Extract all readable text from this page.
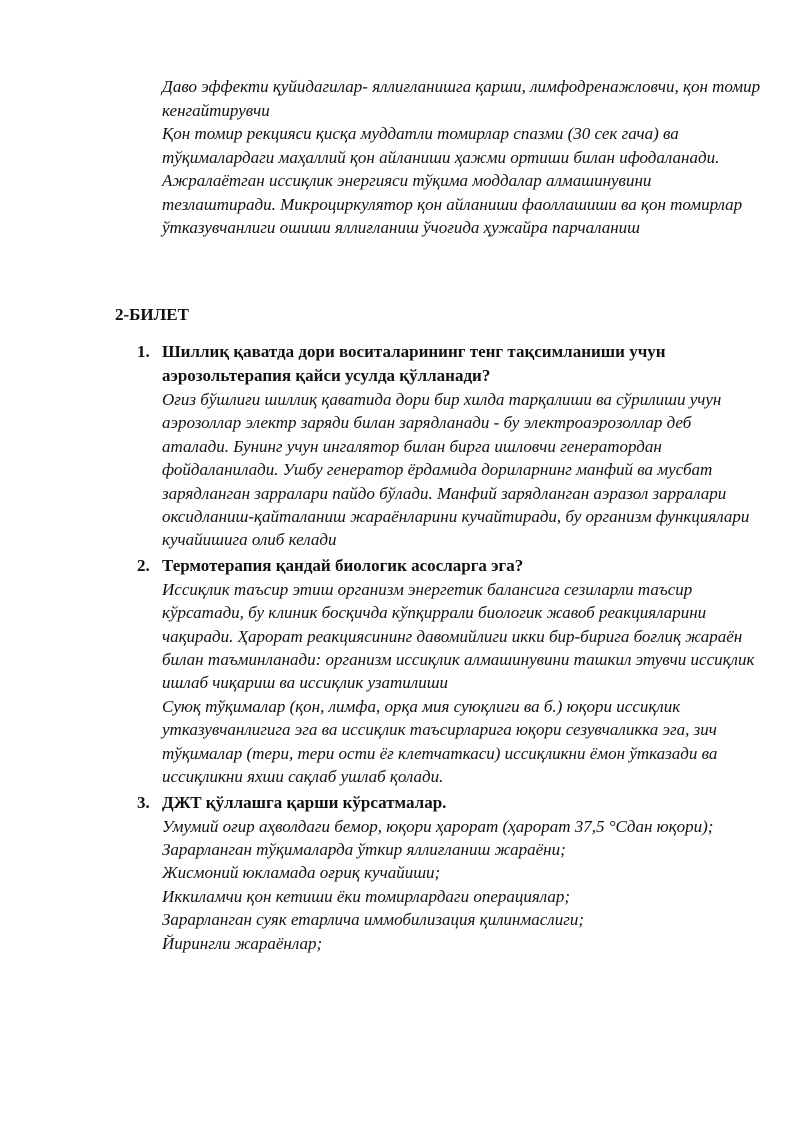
Даво эффекти қуйидагилар- яллиғланишга қарши, лимфодренажловчи, қон томир кенгайтирувчи

Қон томир рекцияси қисқа муддатли томирлар спазми (30 сек гача) ва тўқималардаги маҳаллий қон айланиши ҳажми ортиши билан ифодаланади. Ажралаётган иссиқлик энергияси тўқима моддалар алмашинувини тезлаштиради. Микроциркулятор қон айланиши фаоллашиши ва қон томирлар ўтказувчанлиги ошиши яллиғланиш ўчоғида ҳужайра парчаланиш

2-БИЛЕТ
1. Шиллиқ қаватда дори воситаларининг тенг тақсимланиши учун аэрозольтерапия қайси усулда қўлланади?

Оғиз бўшлиғи шиллиқ қаватида дори бир хилда тарқалиши ва сўрилиши учун аэрозоллар электр заряди билан зарядланади - бу электроаэрозоллар деб аталади. Бунинг учун ингалятор билан бирга ишловчи генератордан фойдаланилади. Ушбу генератор ёрдамида дориларнинг манфий ва мусбат зарядланган зарралари пайдо бўлади. Манфий зарядланган аэразол зарралари оксидланиш-қайталаниш жараёнларини кучайтиради, бу организм функциялари кучайишига олиб келади

2. Термотерапия қандай биологик асосларга эга?

Иссиқлик таъсир этиш организм энергетик балансига сезиларли таъсир кўрсатади, бу клиник босқичда кўпқиррали биологик жавоб реакцияларини чақиради. Ҳарорат реакциясининг давомийлиги икки бир-бирига боғлиқ жараён билан таъминланади: организм иссиқлик алмашинувини ташкил этувчи иссиқлик ишлаб чиқариш ва иссиқлик узатилиши

Суюқ тўқималар (қон, лимфа, орқа мия суюқлиги ва б.) юқори иссиқлик утказувчанлигига эга ва иссиқлик таъсирларига юқори сезувчаликка эга, зич тўқималар (тери, тери ости ёғ клетчаткаси) иссиқликни ёмон ўтказади ва иссиқликни яхши сақлаб ушлаб қолади.

3. ДЖТ қўллашга қарши кўрсатмалар.

Умумий оғир аҳволдаги бемор, юқори ҳарорат (ҳарорат 37,5 °Сдан юқори);

Зарарланган тўқималарда ўткир яллиғланиш жараёни;

Жисмоний юкламада оғриқ кучайиши;

Иккиламчи қон кетиши ёки томирлардаги операциялар;

Зарарланган суяк етарлича иммобилизация қилинмаслиги;

Йирингли жараёнлар;
